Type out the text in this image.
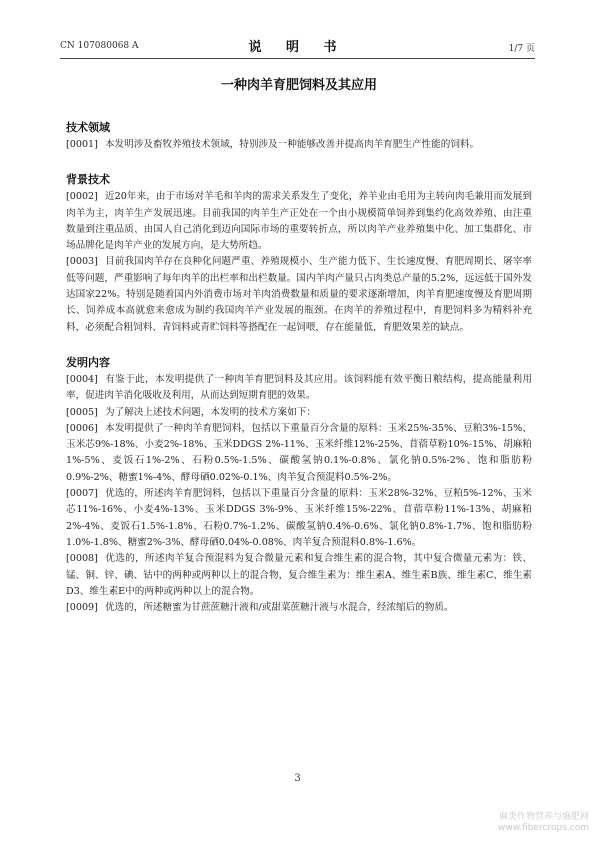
CN 107080068 A	说 明 书	1/7 页
一种肉羊育肥饲料及其应用
技术领域

[0001] 本发明涉及畜牧养殖技术领域，特别涉及一种能够改善并提高肉羊育肥生产性能的饲料。

背景技术

[0002] 近20年来，由于市场对羊毛和羊肉的需求关系发生了变化，养羊业由毛用为主转向肉毛兼用而发展到肉羊为主，肉羊生产发展迅速。目前我国的肉羊生产正处在一个由小规模简单饲养到集约化高效养殖、由注重数量到注重品质、由国人自己消化到迈向国际市场的重要转折点，所以肉羊产业养殖集中化、加工集群化、市场品牌化是肉羊产业的发展方向，是大势所趋。

[0003] 目前我国肉羊存在良种化问题严重、养殖规模小、生产能力低下、生长速度慢、育肥周期长、屠宰率低等问题，严重影响了每年肉羊的出栏率和出栏数量。国内羊肉产量只占肉类总产量的5.2%，远远低于国外发达国家22%。特别是随着国内外消费市场对羊肉消费数量和质量的要求逐渐增加，肉羊育肥速度慢及育肥周期长、饲养成本高就愈来愈成为制约我国肉羊产业发展的瓶颈。在肉羊的养殖过程中，育肥饲料多为精料补充料，必须配合粗饲料、青饲料或青贮饲料等搭配在一起饲喂，存在能量低，育肥效果差的缺点。

发明内容

[0004] 有鉴于此，本发明提供了一种肉羊育肥饲料及其应用。该饲料能有效平衡日粮结构，提高能量利用率，促进肉羊消化吸收及利用，从而达到短期育肥的效果。

[0005] 为了解决上述技术问题，本发明的技术方案如下：

[0006] 本发明提供了一种肉羊育肥饲料，包括以下重量百分含量的原料：玉米25%-35%、豆粕3%-15%、玉米芯9%-18%、小麦2%-18%、玉米DDGS 2%-11%、玉米纤维12%-25%、苜蓿草粉10%-15%、胡麻粕1%-5%、麦饭石1%-2%、石粉0.5%-1.5%、碳酸氢钠0.1%-0.8%、氯化钠0.5%-2%、饱和脂肪粉0.9%-2%、糖蜜1%-4%、酵母硒0.02%-0.1%、肉羊复合预混料0.5%-2%。

[0007] 优选的，所述肉羊育肥饲料，包括以下重量百分含量的原料：玉米28%-32%、豆粕5%-12%、玉米芯11%-16%、小麦4%-13%、玉米DDGS 3%-9%、玉米纤维15%-22%、苜蓿草粉11%-13%、胡麻粕2%-4%、麦饭石1.5%-1.8%、石粉0.7%-1.2%、碳酸氢钠0.4%-0.6%、氯化钠0.8%-1.7%、饱和脂肪粉1.0%-1.8%、糖蜜2%-3%、酵母硒0.04%-0.08%、肉羊复合预混料0.8%-1.6%。

[0008] 优选的，所述肉羊复合预混料为复合微量元素和复合维生素的混合物，其中复合微量元素为：铁、锰、铜、锌、碘、钴中的两种或两种以上的混合物，复合维生素为：维生素A、维生素B族、维生素C、维生素D3、维生素E中的两种或两种以上的混合物。

[0009] 优选的，所述糖蜜为甘蔗蔗糖汁液和/或甜菜蔗糖汁液与水混合，经浓缩后的物质。

3
麻类作物营养与施肥网
www.fibercrops.com
